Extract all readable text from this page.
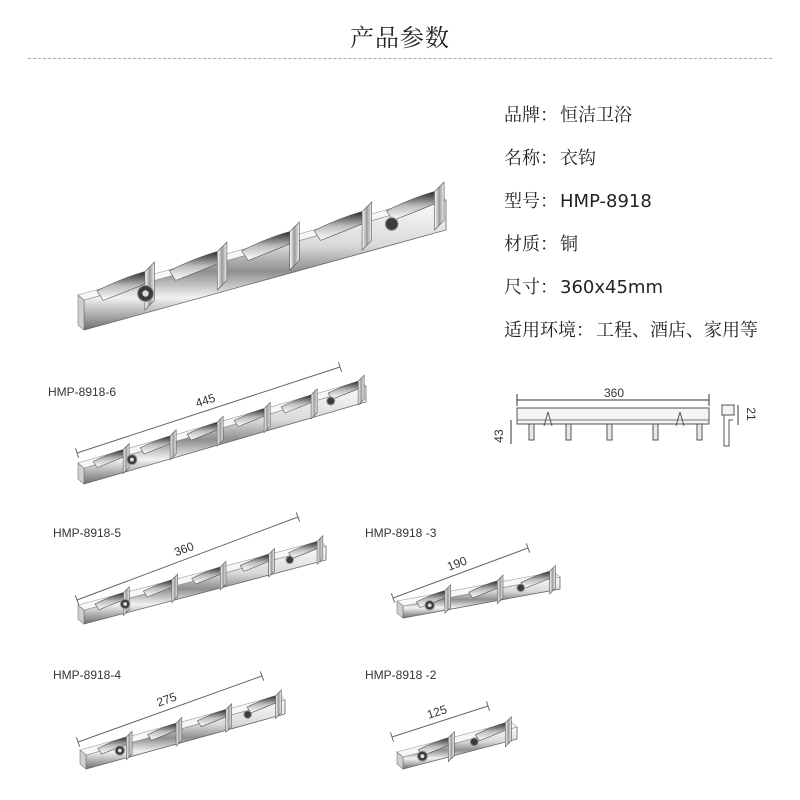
产品参数
品牌： 恒洁卫浴
名称： 衣钩
型号： HMP-8918
材质： 铜
尺寸： 360x45mm
适用环境： 工程、酒店、家用等
445
360
190
275
125
360
43
21
HMP-8918-6
HMP-8918-5	HMP-8918 -3
HMP-8918-4	HMP-8918 -2
